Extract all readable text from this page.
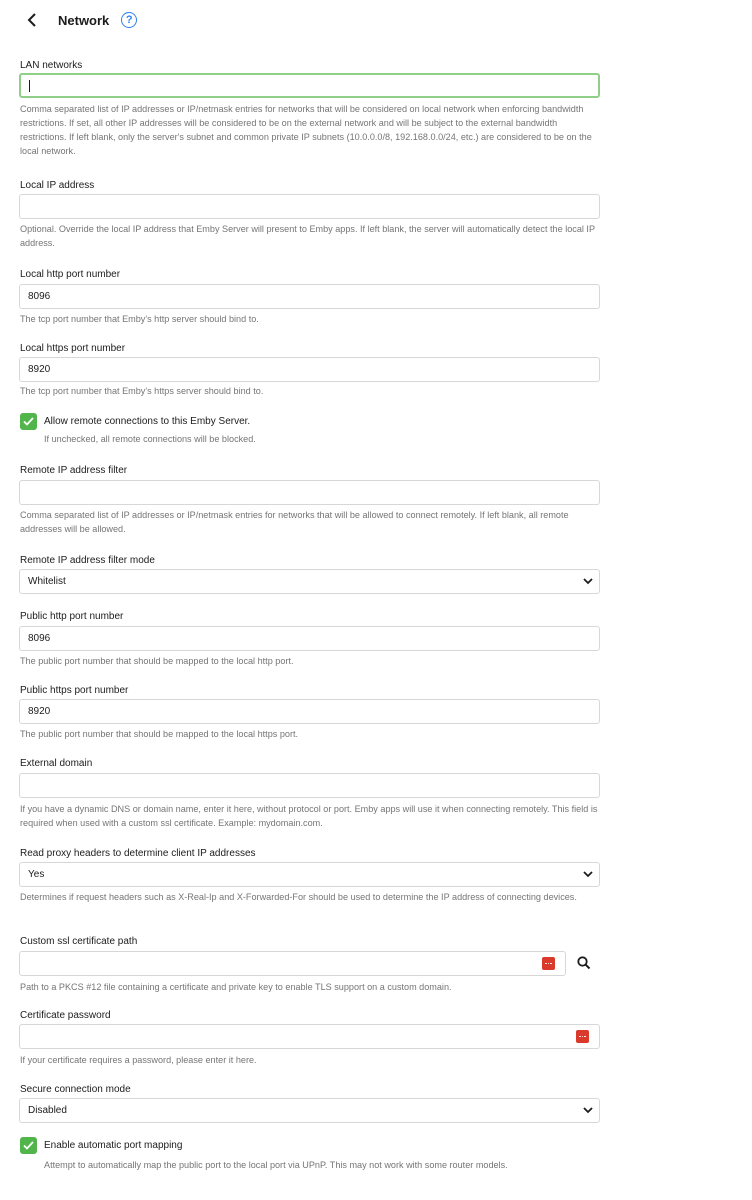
Network	?
LAN networks
Comma separated list of IP addresses or IP/netmask entries for networks that will be considered on local network when enforcing bandwidth restrictions. If set, all other IP addresses will be considered to be on the external network and will be subject to the external bandwidth restrictions. If left blank, only the server's subnet and common private IP subnets (10.0.0.0/8, 192.168.0.0/24, etc.) are considered to be on the local network.
Local IP address
Optional. Override the local IP address that Emby Server will present to Emby apps. If left blank, the server will automatically detect the local IP address.
Local http port number
8096
The tcp port number that Emby's http server should bind to.
Local https port number
8920
The tcp port number that Emby's https server should bind to.
Allow remote connections to this Emby Server.
If unchecked, all remote connections will be blocked.
Remote IP address filter
Comma separated list of IP addresses or IP/netmask entries for networks that will be allowed to connect remotely. If left blank, all remote addresses will be allowed.
Remote IP address filter mode
Whitelist
Public http port number
8096
The public port number that should be mapped to the local http port.
Public https port number
8920
The public port number that should be mapped to the local https port.
External domain
If you have a dynamic DNS or domain name, enter it here, without protocol or port. Emby apps will use it when connecting remotely. This field is required when used with a custom ssl certificate. Example: mydomain.com.
Read proxy headers to determine client IP addresses
Yes
Determines if request headers such as X-Real-Ip and X-Forwarded-For should be used to determine the IP address of connecting devices.
Custom ssl certificate path
Path to a PKCS #12 file containing a certificate and private key to enable TLS support on a custom domain.
Certificate password
If your certificate requires a password, please enter it here.
Secure connection mode
Disabled
Enable automatic port mapping
Attempt to automatically map the public port to the local port via UPnP. This may not work with some router models.
